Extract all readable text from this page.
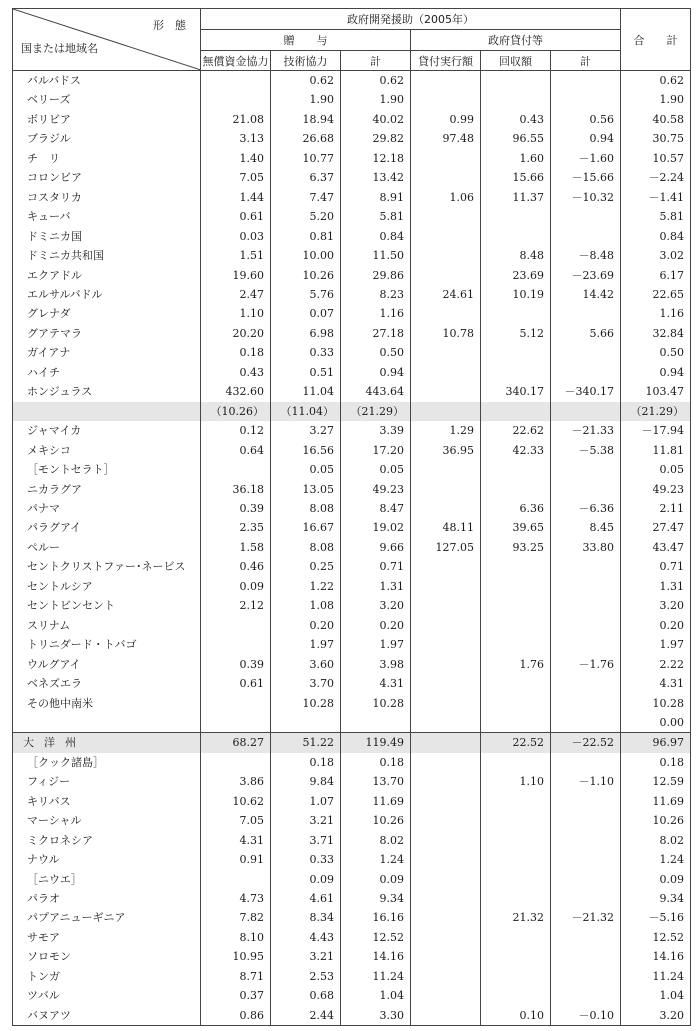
形　態
国または地域名	政府開発援助（2005年）						合　　計
	贈　　与			政府貸付等			
	無償資金協力	技術協力	計	貸付実行額	回収額	計	
バルバドス		0.62	0.62				0.62
ベリーズ		1.90	1.90				1.90
ボリビア	21.08	18.94	40.02	0.99	0.43	0.56	40.58
ブラジル	3.13	26.68	29.82	97.48	96.55	0.94	30.75
チ　リ	1.40	10.77	12.18		1.60	－1.60	10.57
コロンビア	7.05	6.37	13.42		15.66	－15.66	－2.24
コスタリカ	1.44	7.47	8.91	1.06	11.37	－10.32	－1.41
キューバ	0.61	5.20	5.81				5.81
ドミニカ国	0.03	0.81	0.84				0.84
ドミニカ共和国	1.51	10.00	11.50		8.48	－8.48	3.02
エクアドル	19.60	10.26	29.86		23.69	－23.69	6.17
エルサルバドル	2.47	5.76	8.23	24.61	10.19	14.42	22.65
グレナダ	1.10	0.07	1.16				1.16
グアテマラ	20.20	6.98	27.18	10.78	5.12	5.66	32.84
ガイアナ	0.18	0.33	0.50				0.50
ハイチ	0.43	0.51	0.94				0.94
ホンジュラス	432.60	11.04	443.64		340.17	－340.17	103.47
	（10.26）	（11.04）	（21.29）				（21.29）
ジャマイカ	0.12	3.27	3.39	1.29	22.62	－21.33	－17.94
メキシコ	0.64	16.56	17.20	36.95	42.33	－5.38	11.81
［モントセラト］		0.05	0.05				0.05
ニカラグア	36.18	13.05	49.23				49.23
パナマ	0.39	8.08	8.47		6.36	－6.36	2.11
パラグアイ	2.35	16.67	19.02	48.11	39.65	8.45	27.47
ペルー	1.58	8.08	9.66	127.05	93.25	33.80	43.47
セントクリストファー･ネービス	0.46	0.25	0.71				0.71
セントルシア	0.09	1.22	1.31				1.31
セントビンセント	2.12	1.08	3.20				3.20
スリナム		0.20	0.20				0.20
トリニダード・トバゴ		1.97	1.97				1.97
ウルグアイ	0.39	3.60	3.98		1.76	－1.76	2.22
ベネズエラ	0.61	3.70	4.31				4.31
その他中南米		10.28	10.28				10.28
							0.00
大洋州	68.27	51.22	119.49		22.52	－22.52	96.97
［クック諸島］		0.18	0.18				0.18
フィジー	3.86	9.84	13.70		1.10	－1.10	12.59
キリバス	10.62	1.07	11.69				11.69
マーシャル	7.05	3.21	10.26				10.26
ミクロネシア	4.31	3.71	8.02				8.02
ナウル	0.91	0.33	1.24				1.24
［ニウエ］		0.09	0.09				0.09
パラオ	4.73	4.61	9.34				9.34
パプアニューギニア	7.82	8.34	16.16		21.32	－21.32	－5.16
サモア	8.10	4.43	12.52				12.52
ソロモン	10.95	3.21	14.16				14.16
トンガ	8.71	2.53	11.24				11.24
ツバル	0.37	0.68	1.04				1.04
バヌアツ	0.86	2.44	3.30		0.10	－0.10	3.20
